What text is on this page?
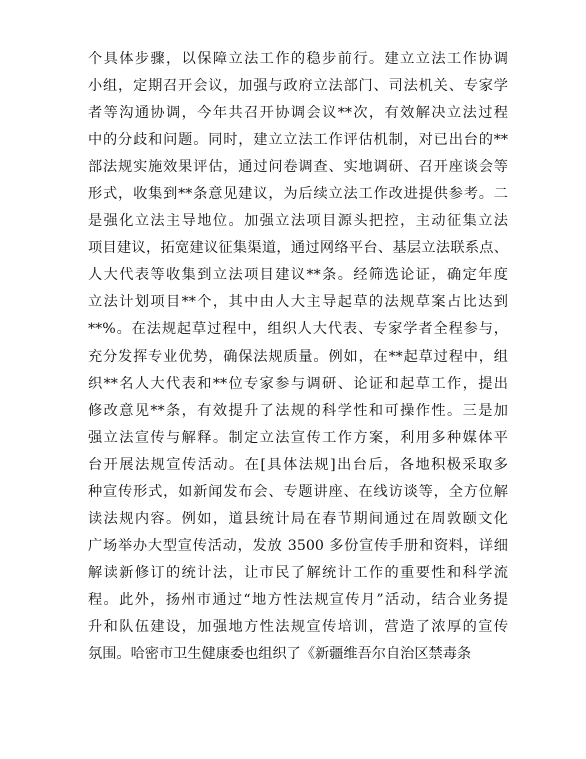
个具体步骤，以保障立法工作的稳步前行。建立立法工作协调
小组，定期召开会议，加强与政府立法部门、司法机关、专家学
者等沟通协调，今年共召开协调会议**次，有效解决立法过程
中的分歧和问题。同时，建立立法工作评估机制，对已出台的**
部法规实施效果评估，通过问卷调查、实地调研、召开座谈会等
形式，收集到**条意见建议，为后续立法工作改进提供参考。二
是强化立法主导地位。加强立法项目源头把控，主动征集立法
项目建议，拓宽建议征集渠道，通过网络平台、基层立法联系点、
人大代表等收集到立法项目建议**条。经筛选论证，确定年度
立法计划项目**个，其中由人大主导起草的法规草案占比达到
**%。在法规起草过程中，组织人大代表、专家学者全程参与，
充分发挥专业优势，确保法规质量。例如，在**起草过程中，组
织**名人大代表和**位专家参与调研、论证和起草工作，提出
修改意见**条，有效提升了法规的科学性和可操作性。三是加
强立法宣传与解释。制定立法宣传工作方案，利用多种媒体平
台开展法规宣传活动。在[具体法规]出台后，各地积极采取多
种宣传形式，如新闻发布会、专题讲座、在线访谈等，全方位解
读法规内容。例如，道县统计局在春节期间通过在周敦颐文化
广场举办大型宣传活动，发放 3500 多份宣传手册和资料，详细
解读新修订的统计法，让市民了解统计工作的重要性和科学流
程。此外，扬州市通过“地方性法规宣传月”活动，结合业务提
升和队伍建设，加强地方性法规宣传培训，营造了浓厚的宣传
氛围。哈密市卫生健康委也组织了《新疆维吾尔自治区禁毒条
